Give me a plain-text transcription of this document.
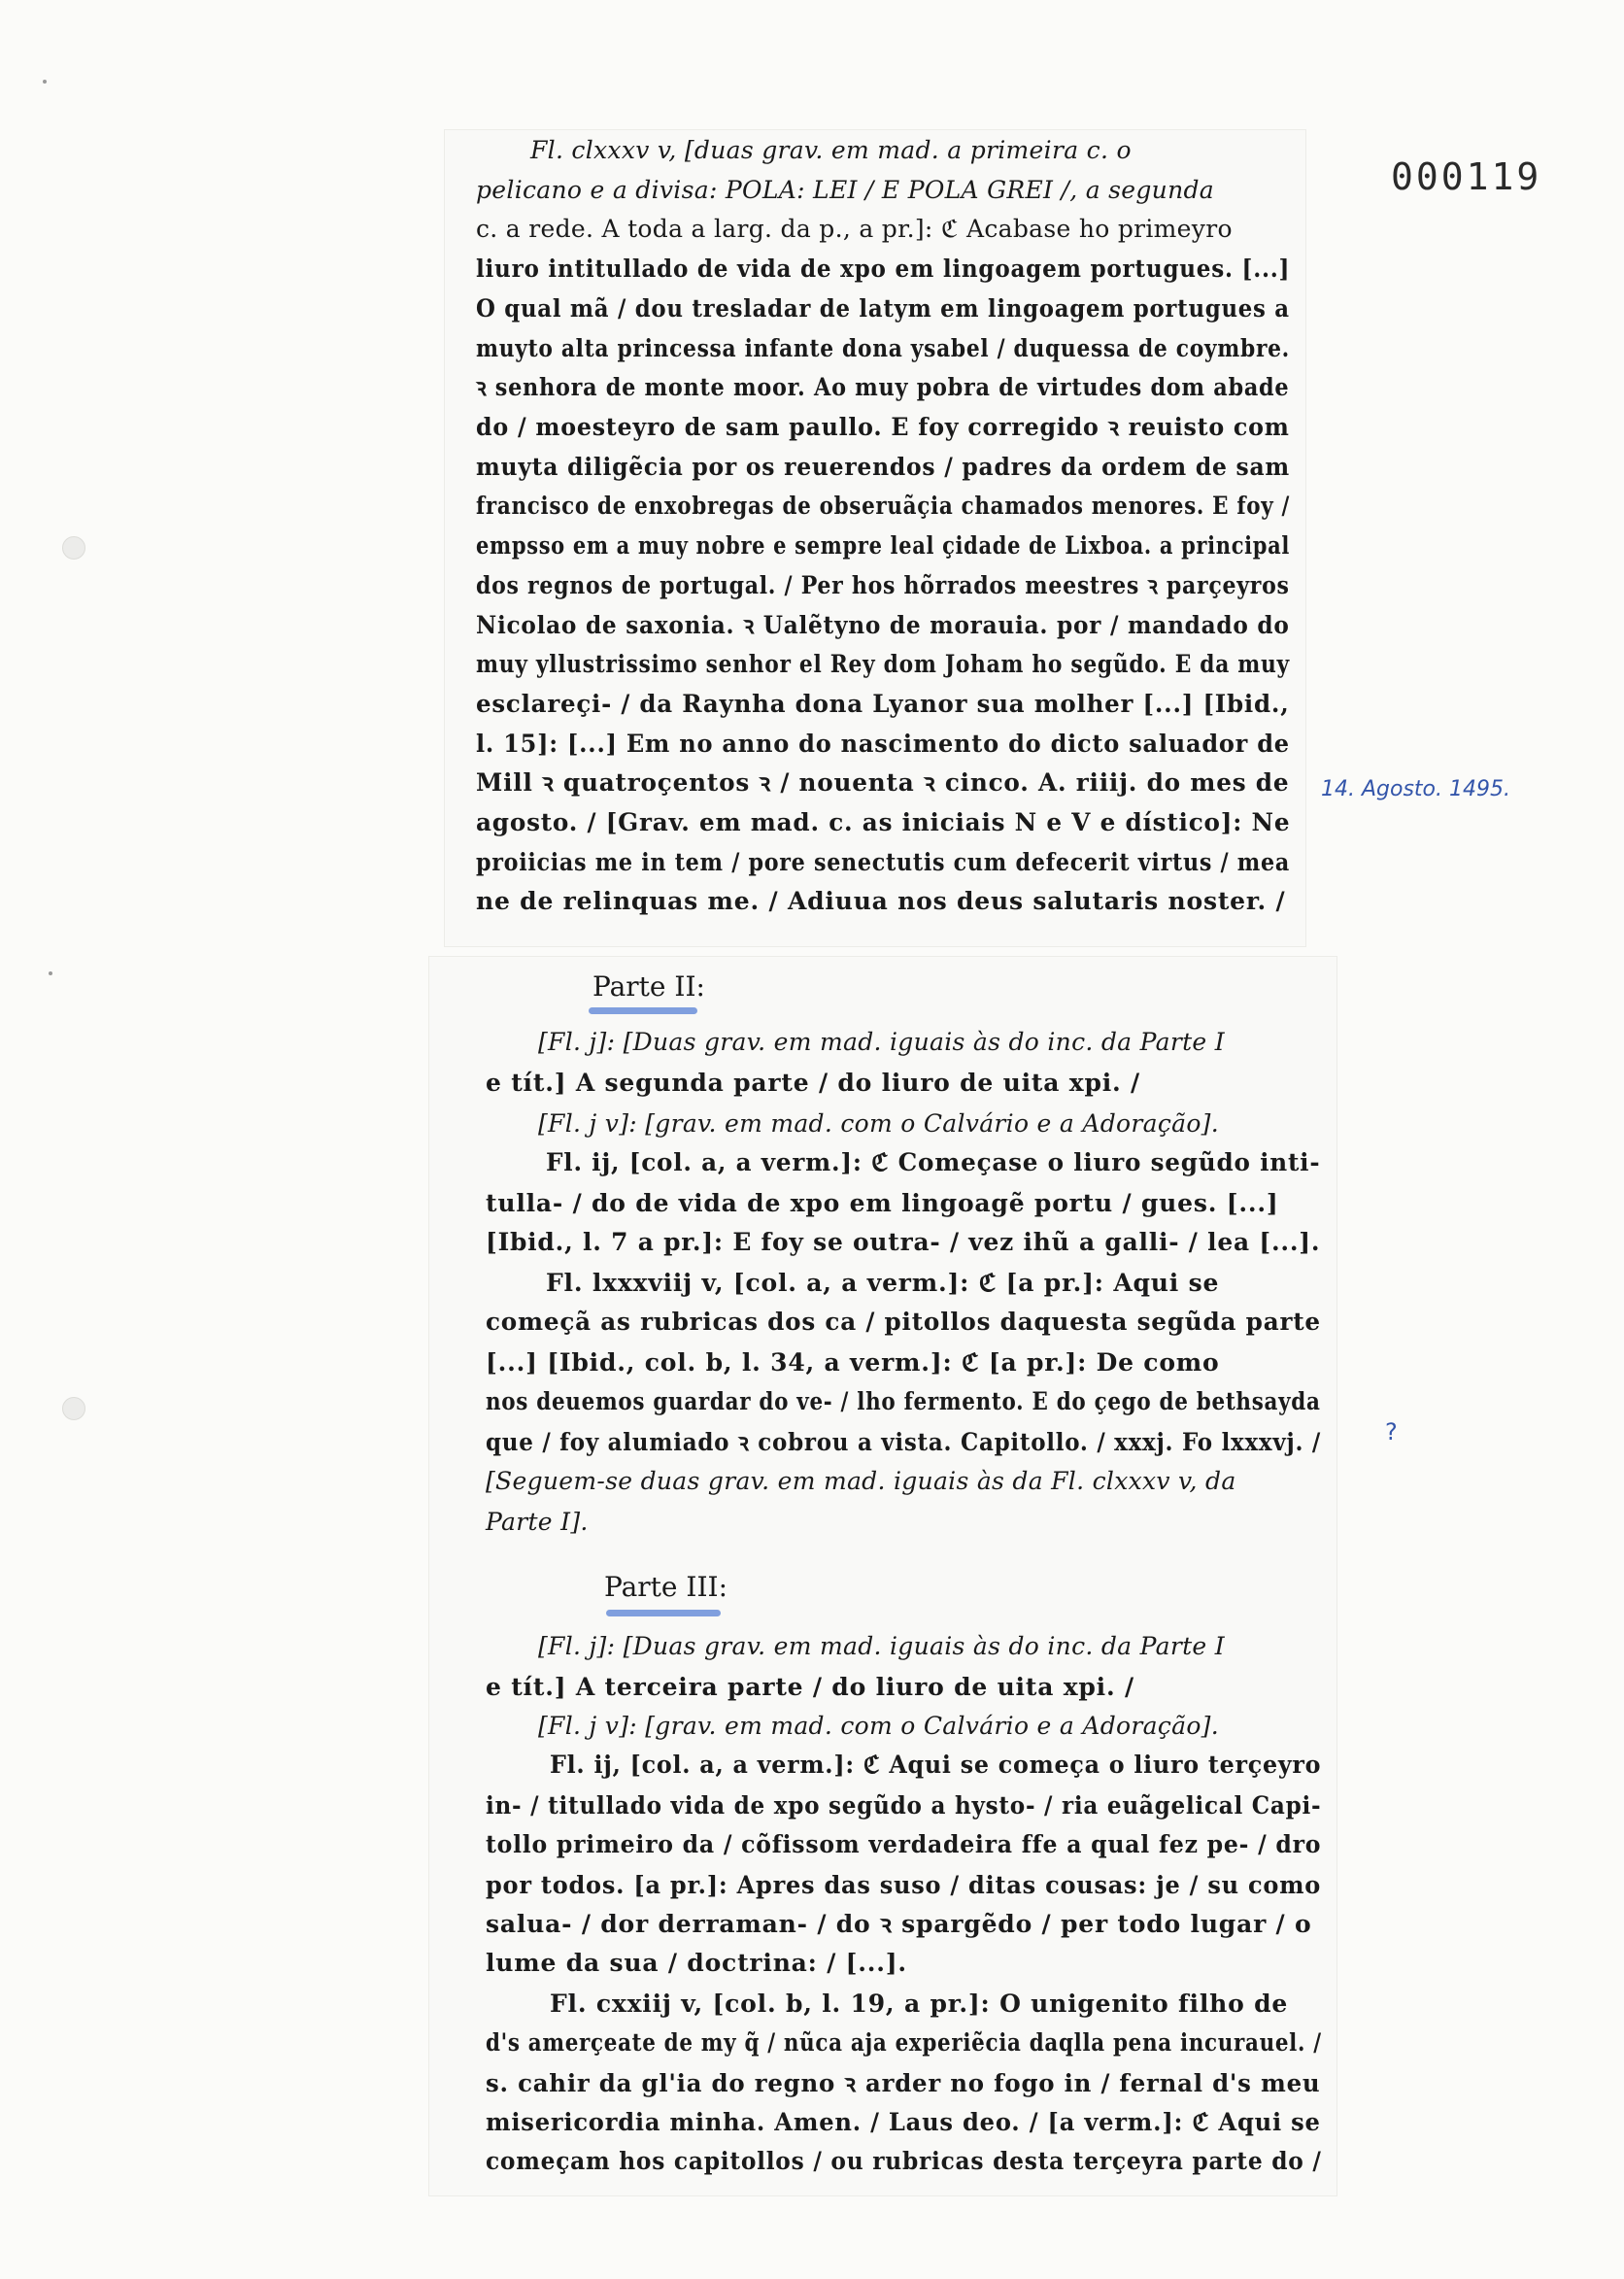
000119
14. Agosto. 1495.
?

Fl. clxxxv v, [duas grav. em mad. a primeira c. o

pelicano e a divisa: POLA: LEI / E POLA GREI /, a segunda

c. a rede. A toda a larg. da p., a pr.]: ℭ Acabase ho primeyro

liuro intitullado de vida de xpo em lingoagem portugues. [...]

O qual mã / dou tresladar de latym em lingoagem portugues a

muyto alta princessa infante dona ysabel / duquessa de coymbre.

ꝛ senhora de monte moor. Ao muy pobra de virtudes dom abade

do / moesteyro de sam paullo. E foy corregido ꝛ reuisto com

muyta diligẽcia por os reuerendos / padres da ordem de sam

francisco de enxobregas de obseruãçia chamados menores. E foy /

empsso em a muy nobre e sempre leal çidade de Lixboa. a principal

dos regnos de portugal. / Per hos hõrrados meestres ꝛ parçeyros

Nicolao de saxonia. ꝛ Ualẽtyno de morauia. por / mandado do

muy yllustrissimo senhor el Rey dom Joham ho segũdo. E da muy

esclareçi- / da Raynha dona Lyanor sua molher [...] [Ibid.,

l. 15]: [...] Em no anno do nascimento do dicto saluador de

Mill ꝛ quatroçentos ꝛ / nouenta ꝛ cinco. A. riiij. do mes de

agosto. / [Grav. em mad. c. as iniciais N e V e dístico]: Ne

proiicias me in tem / pore senectutis cum defecerit virtus / mea

ne de relinquas me. / Adiuua nos deus salutaris noster. /

Parte II:

[Fl. j]: [Duas grav. em mad. iguais às do inc. da Parte I

e tít.] A segunda parte / do liuro de uita xpi. /

[Fl. j v]: [grav. em mad. com o Calvário e a Adoração].

Fl. ij, [col. a, a verm.]: ℭ Começase o liuro segũdo inti-

tulla- / do de vida de xpo em lingoagẽ portu / gues. [...]

[Ibid., l. 7 a pr.]: E foy se outra- / vez ihũ a galli- / lea [...].

Fl. lxxxviij v, [col. a, a verm.]: ℭ [a pr.]: Aqui se

começã as rubricas dos ca / pitollos daquesta segũda parte

[...] [Ibid., col. b, l. 34, a verm.]: ℭ [a pr.]: De como

nos deuemos guardar do ve- / lho fermento. E do çego de bethsayda

que / foy alumiado ꝛ cobrou a vista. Capitollo. / xxxj. Fo lxxxvj. /

[Seguem-se duas grav. em mad. iguais às da Fl. clxxxv v, da

Parte I].

Parte III:

[Fl. j]: [Duas grav. em mad. iguais às do inc. da Parte I

e tít.] A terceira parte / do liuro de uita xpi. /

[Fl. j v]: [grav. em mad. com o Calvário e a Adoração].

Fl. ij, [col. a, a verm.]: ℭ Aqui se começa o liuro terçeyro

in- / titullado vida de xpo segũdo a hysto- / ria euãgelical Capi-

tollo primeiro da / cõfissom verdadeira ffe a qual fez pe- / dro

por todos. [a pr.]: Apres das suso / ditas cousas: je / su como

salua- / dor derraman- / do ꝛ spargẽdo / per todo lugar / o

lume da sua / doctrina: / [...].

Fl. cxxiij v, [col. b, l. 19, a pr.]: O unigenito filho de

d's amerçeate de my q̃ / nũca aja experiẽcia daqlla pena incurauel. /

s. cahir da gl'ia do regno ꝛ arder no fogo in / fernal d's meu

misericordia minha. Amen. / Laus deo. / [a verm.]: ℭ Aqui se

começam hos capitollos / ou rubricas desta terçeyra parte do /
